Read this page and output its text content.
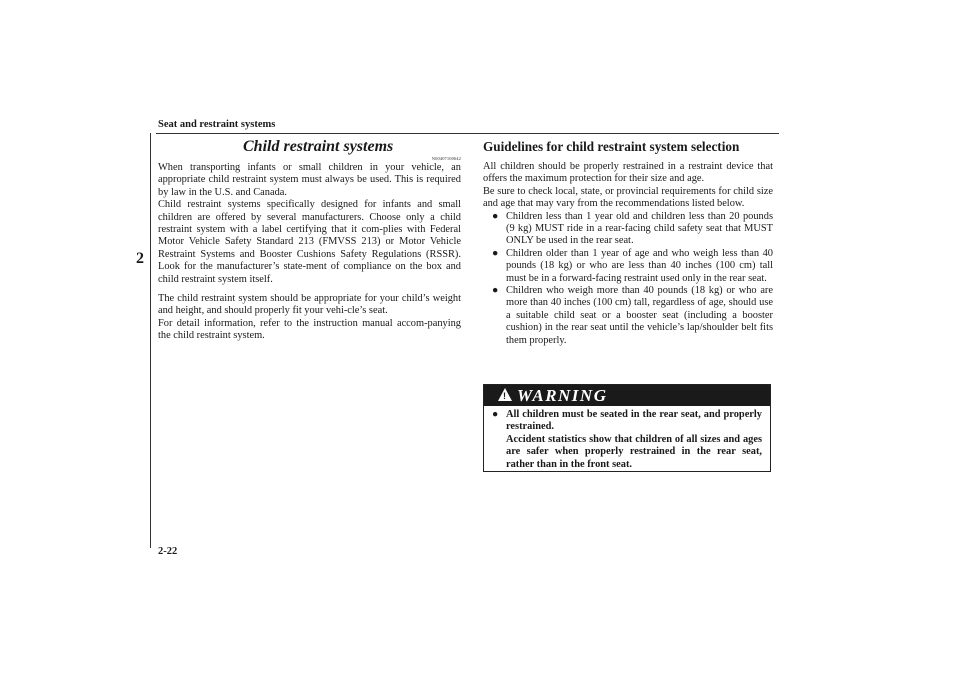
Seat and restraint systems
2
Child restraint systems
N00407100642

When transporting infants or small children in your vehicle, an appropriate child restraint system must always be used. This is required by law in the U.S. and Canada.

Child restraint systems specifically designed for infants and small children are offered by several manufacturers. Choose only a child restraint system with a label certifying that it com-plies with Federal Motor Vehicle Safety Standard 213 (FMVSS 213) or Motor Vehicle Restraint Systems and Booster Cushions Safety Regulations (RSSR). Look for the manufacturer’s state-ment of compliance on the box and child restraint system itself.

The child restraint system should be appropriate for your child’s weight and height, and should properly fit your vehi-cle’s seat.

For detail information, refer to the instruction manual accom-panying the child restraint system.

Guidelines for child restraint system selection

All children should be properly restrained in a restraint device that offers the maximum protection for their size and age.

Be sure to check local, state, or provincial requirements for child size and age that may vary from the recommendations listed below.

● Children less than 1 year old and children less than 20 pounds (9 kg) MUST ride in a rear-facing child safety seat that MUST ONLY be used in the rear seat.
● Children older than 1 year of age and who weigh less than 40 pounds (18 kg) or who are less than 40 inches (100 cm) tall must be in a forward-facing restraint used only in the rear seat.
● Children who weigh more than 40 pounds (18 kg) or who are more than 40 inches (100 cm) tall, regardless of age, should use a suitable child seat or a booster seat (including a booster cushion) in the rear seat until the vehicle’s lap/shoulder belt fits them properly.
! WARNING
● All children must be seated in the rear seat, and properly restrained.
Accident statistics show that children of all sizes and ages are safer when properly restrained in the rear seat, rather than in the front seat.
2-22
